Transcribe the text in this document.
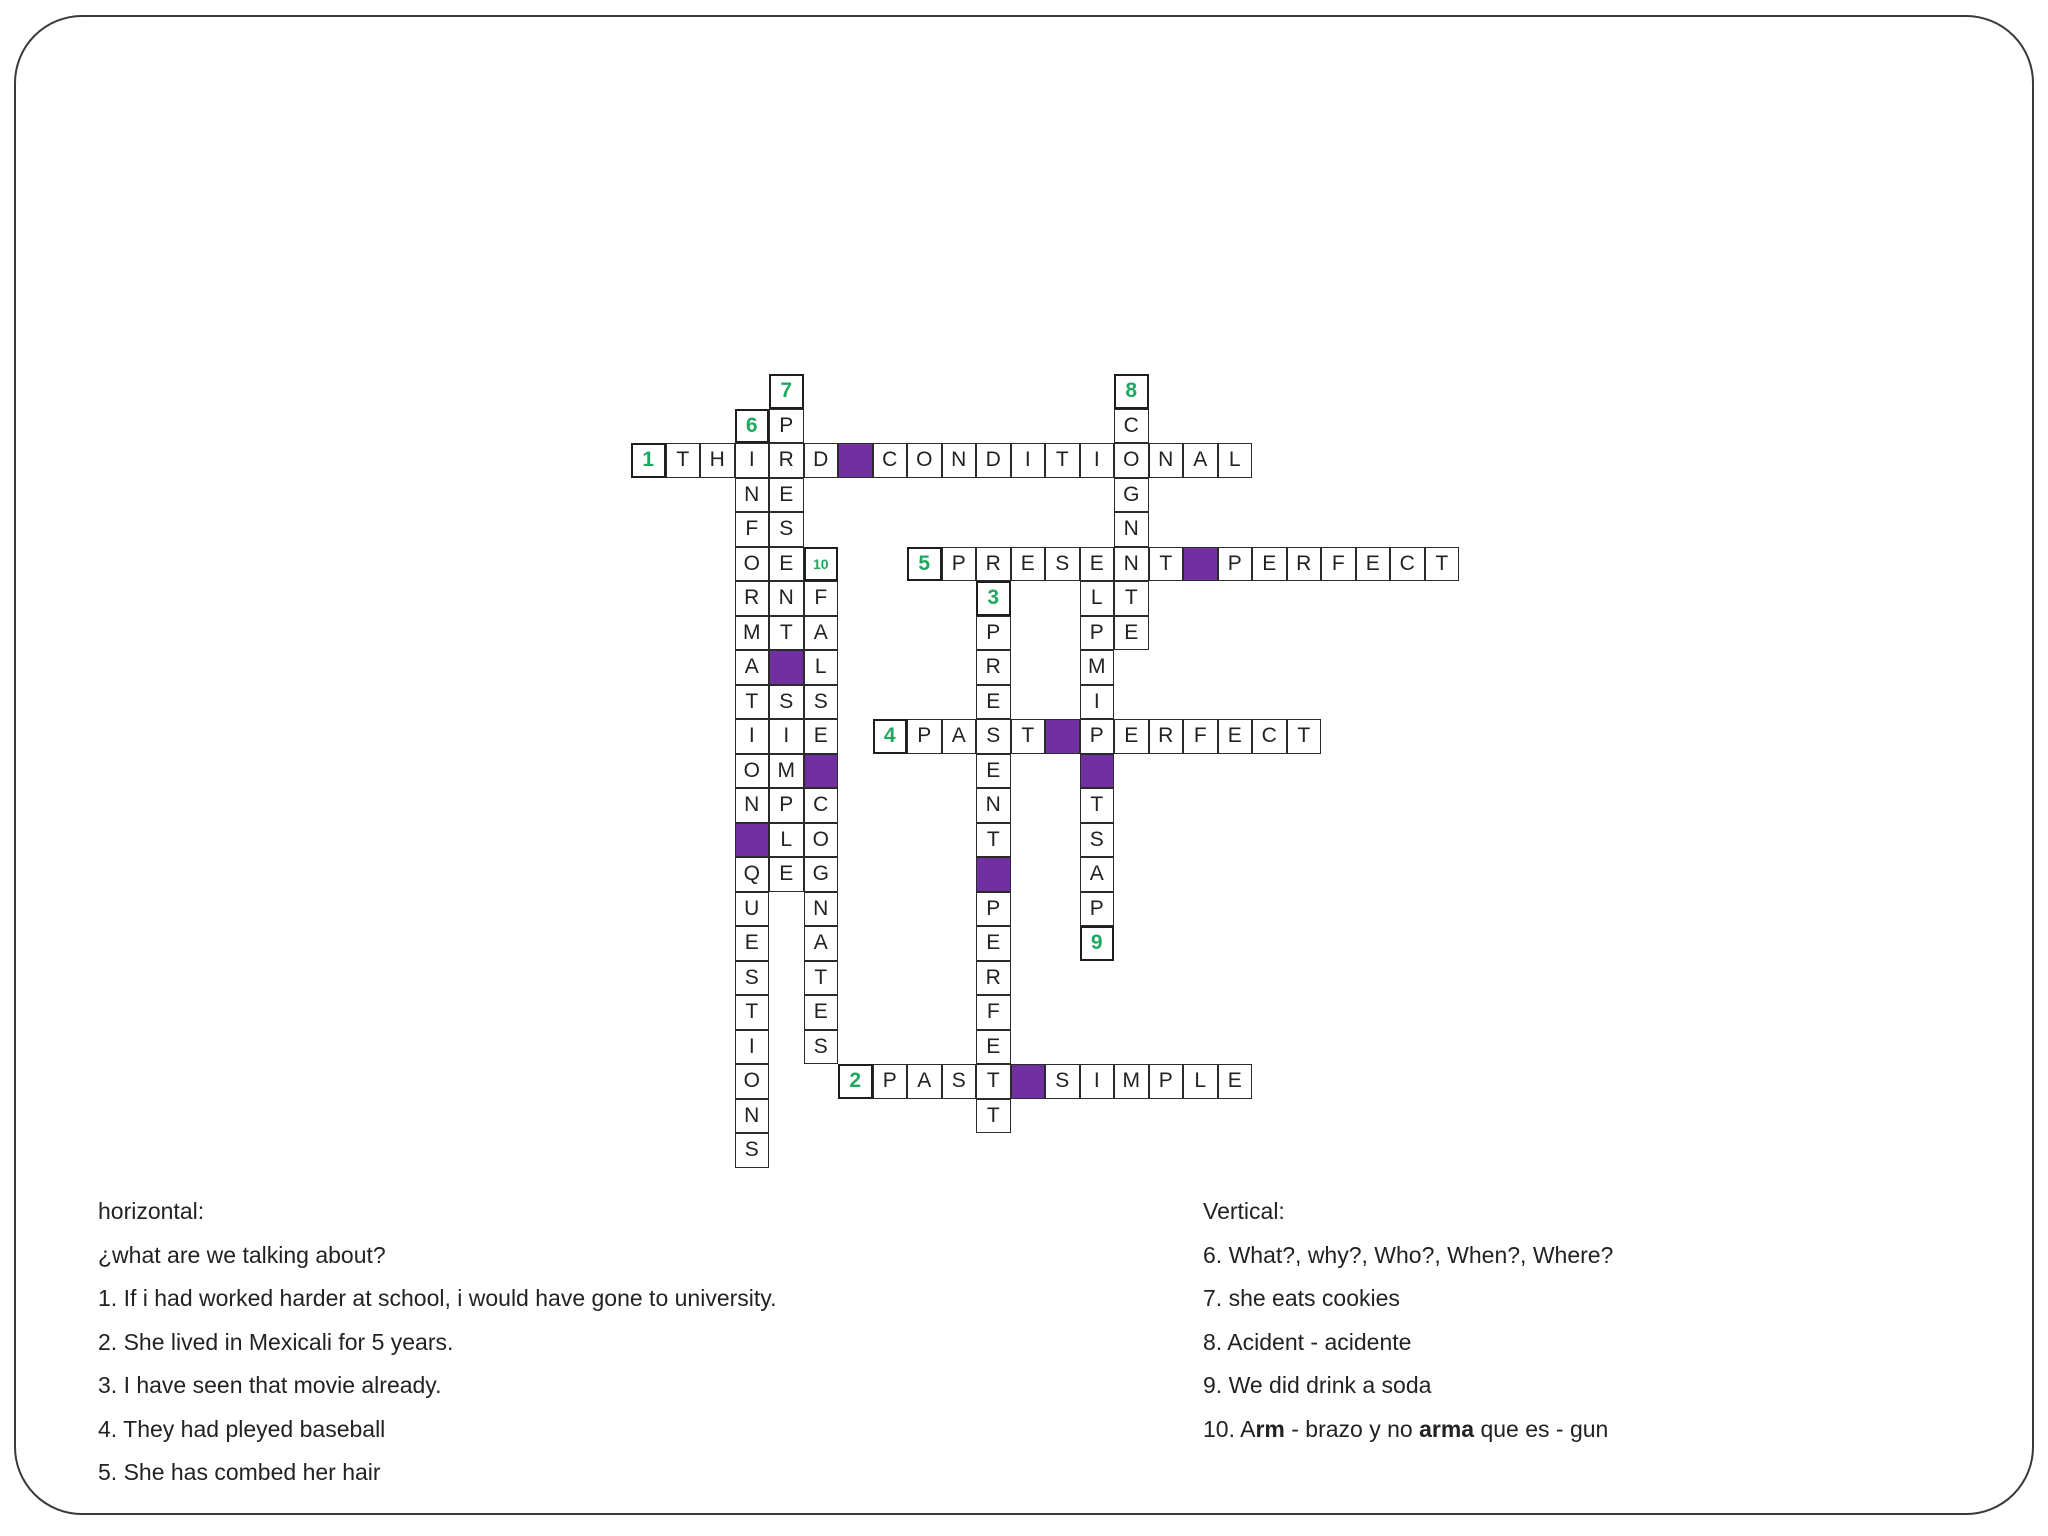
1	T H	I	R D	C O N D	I	T	I	O N A	L
5	P R E S E N T	P E R F	E C T
4	P A S	T	P E R F	E C T
2	P A S	T	S	I	M P	L	E
6
N
F
O
R
M
A
T
I
O
N
Q
U
E
S
T
I
O
N
S
7
P
E
S
E
N
T
S
I
M
P
L
E
8
C
G
N
T
E
10
F
A
L
S
E
C
O
G
N
A
T
E
S
3
P
R
E
E
N
T
P
E
R
F
E
T
9
P
A
S
T
I
M
P
L

horizontal:

¿what are we talking about?

1. If i had worked harder at school, i would have gone to university.

2. She lived in Mexicali for 5 years.

3. I have seen that movie already.

4. They had pleyed baseball

5. She has combed her hair

Vertical:

6. What?, why?, Who?, When?, Where?

7. she eats cookies

8. Acident - acidente

9. We did drink a soda

10. Arm - brazo y no arma que es - gun
